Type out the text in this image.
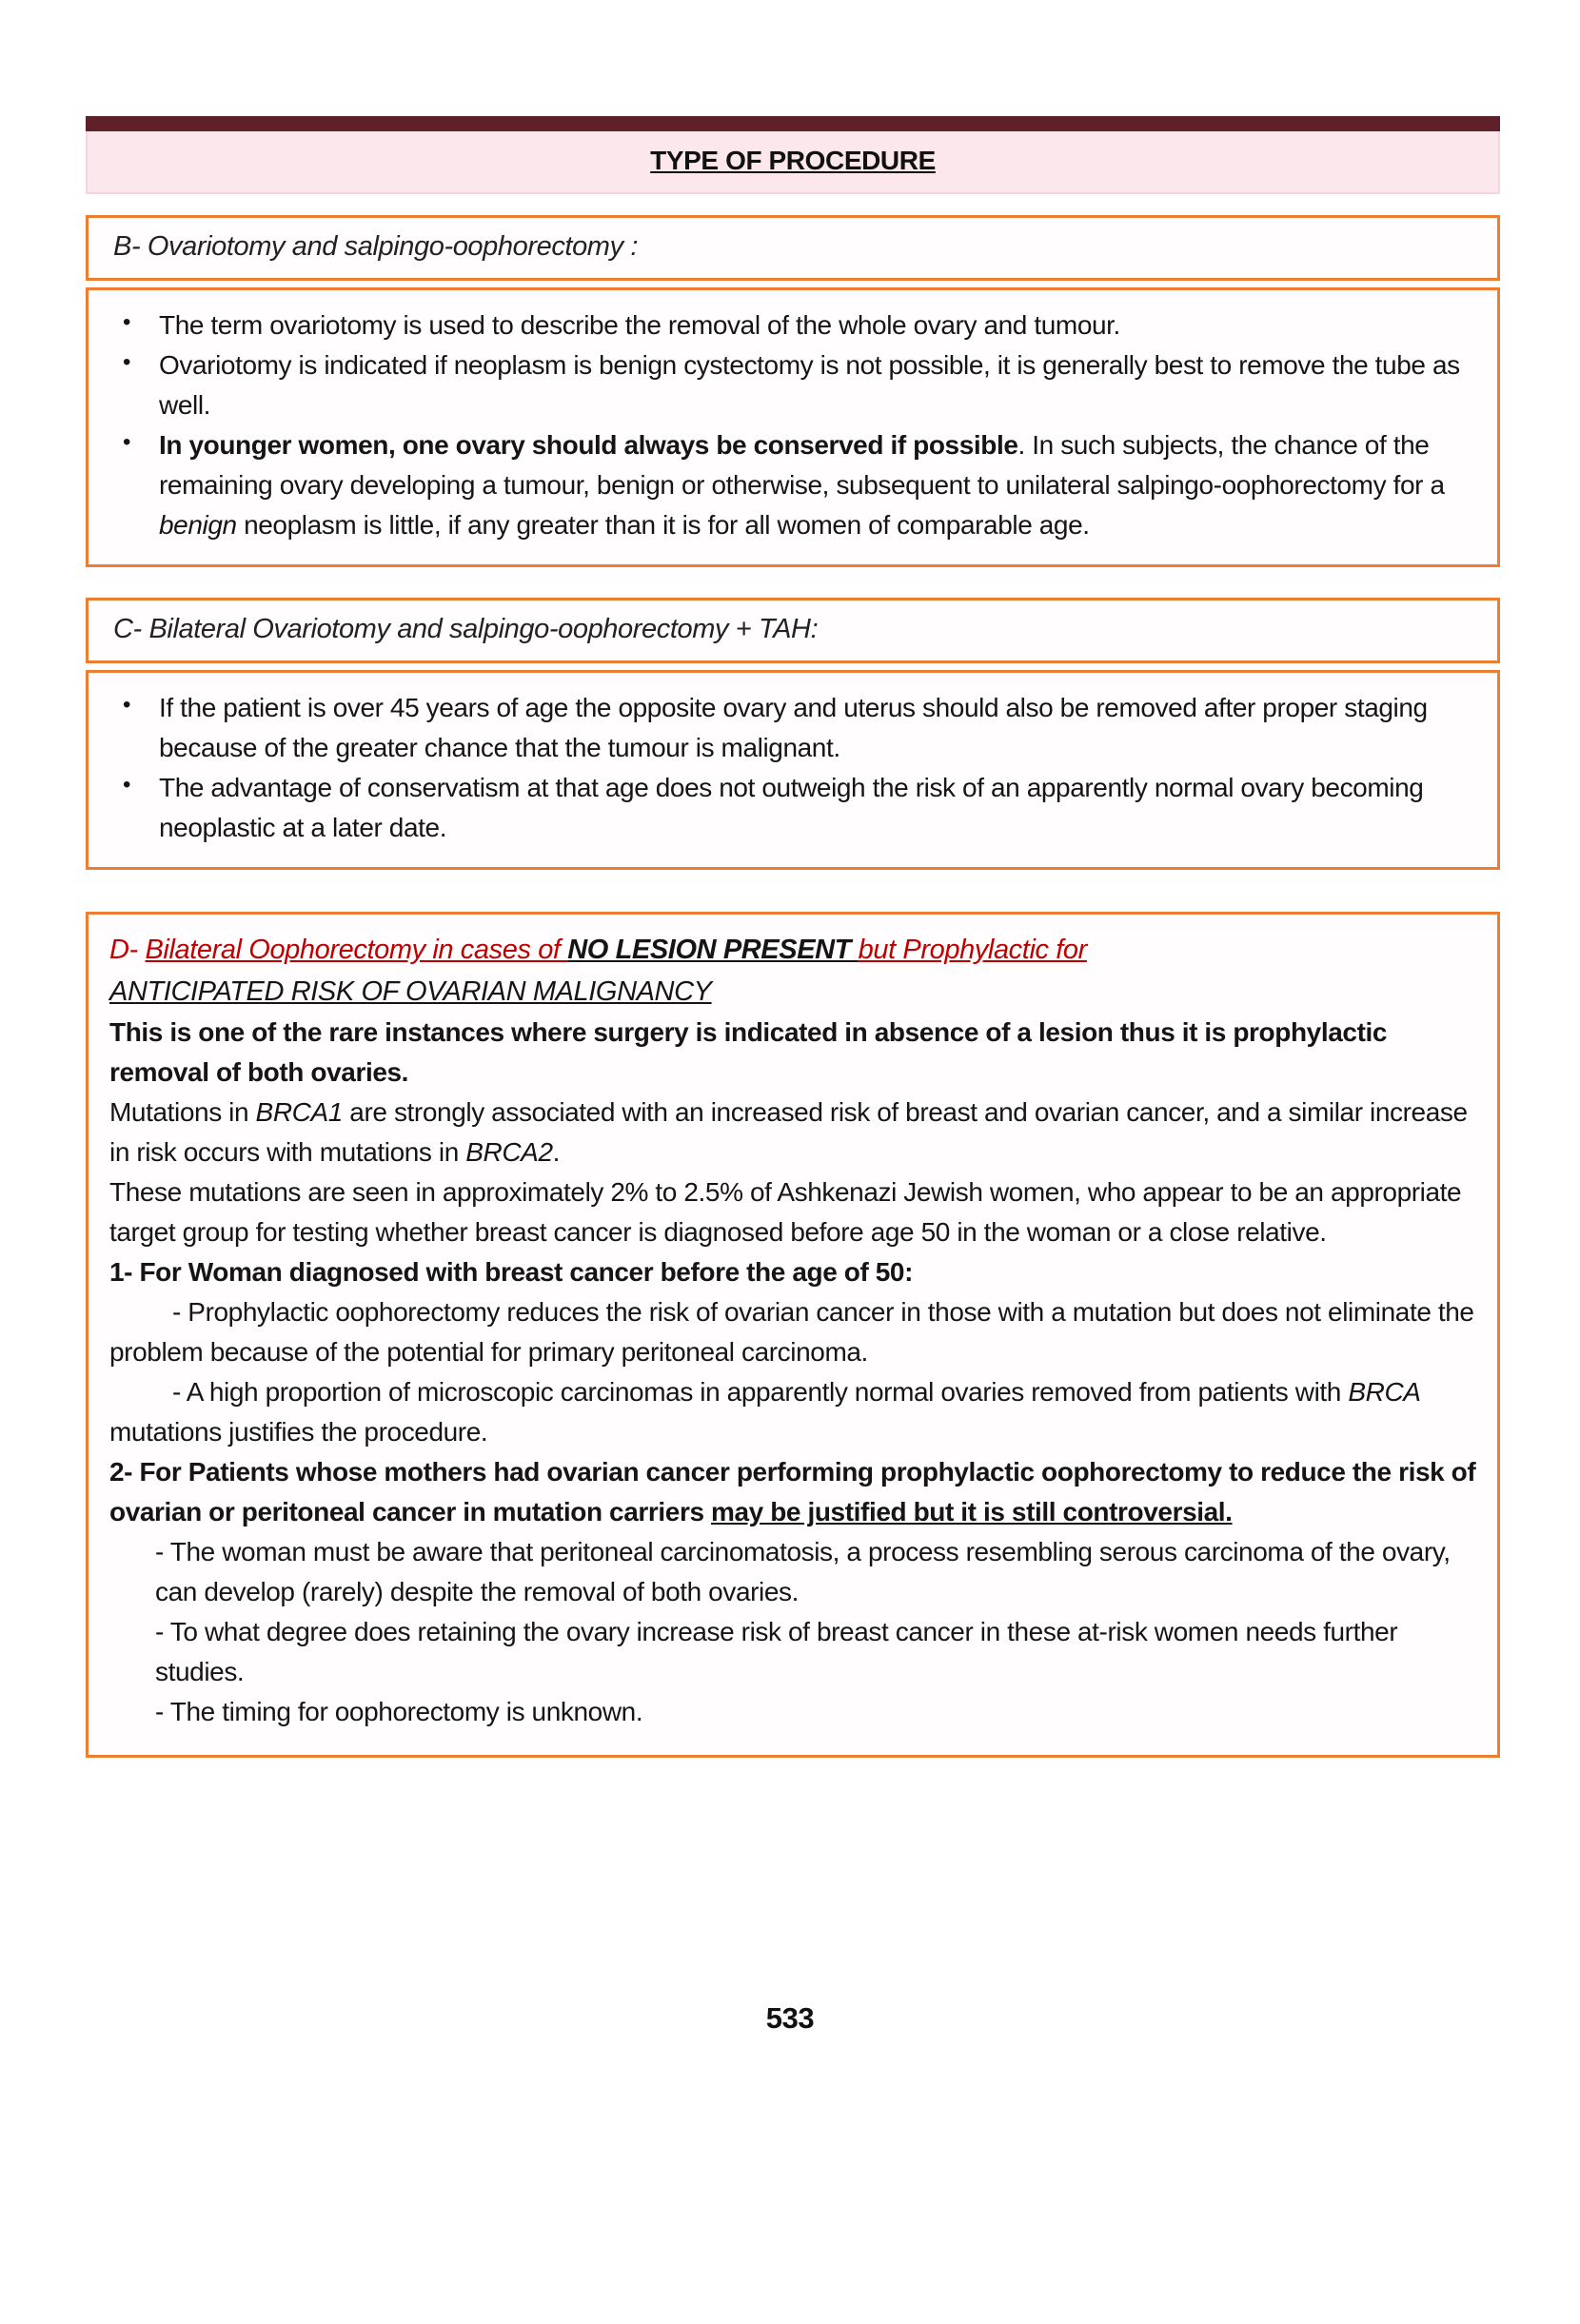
TYPE OF PROCEDURE
B- Ovariotomy and salpingo-oophorectomy :
•	The term ovariotomy is used to describe the removal of the whole ovary and tumour.
•	Ovariotomy is indicated if neoplasm is benign cystectomy is not possible, it is generally best to remove the tube as well.
•	In younger women, one ovary should always be conserved if possible. In such subjects, the chance of the remaining ovary developing a tumour, benign or otherwise, subsequent to unilateral salpingo-oophorectomy for a benign neoplasm is little, if any greater than it is for all women of comparable age.
C- Bilateral Ovariotomy and salpingo-oophorectomy + TAH:
•	If the patient is over 45 years of age the opposite ovary and uterus should also be removed after proper staging because of the greater chance that the tumour is malignant.
•	The advantage of conservatism at that age does not outweigh the risk of an apparently normal ovary becoming neoplastic at a later date.
D- Bilateral Oophorectomy in cases of NO LESION PRESENT but Prophylactic for
ANTICIPATED RISK OF OVARIAN MALIGNANCY

This is one of the rare instances where surgery is indicated in absence of a lesion thus it is prophylactic removal of both ovaries.

Mutations in BRCA1 are strongly associated with an increased risk of breast and ovarian cancer, and a similar increase in risk occurs with mutations in BRCA2.

These mutations are seen in approximately 2% to 2.5% of Ashkenazi Jewish women, who appear to be an appropriate target group for testing whether breast cancer is diagnosed before age 50 in the woman or a close relative.

1- For Woman diagnosed with breast cancer before the age of 50:

- Prophylactic oophorectomy reduces the risk of ovarian cancer in those with a mutation but does not eliminate the problem because of the potential for primary peritoneal carcinoma.

- A high proportion of microscopic carcinomas in apparently normal ovaries removed from patients with BRCA mutations justifies the procedure.

2- For Patients whose mothers had ovarian cancer performing prophylactic oophorectomy to reduce the risk of ovarian or peritoneal cancer in mutation carriers may be justified but it is still controversial.

- The woman must be aware that peritoneal carcinomatosis, a process resembling serous carcinoma of the ovary, can develop (rarely) despite the removal of both ovaries.

- To what degree does retaining the ovary increase risk of breast cancer in these at-risk women needs further studies.

- The timing for oophorectomy is unknown.

533
